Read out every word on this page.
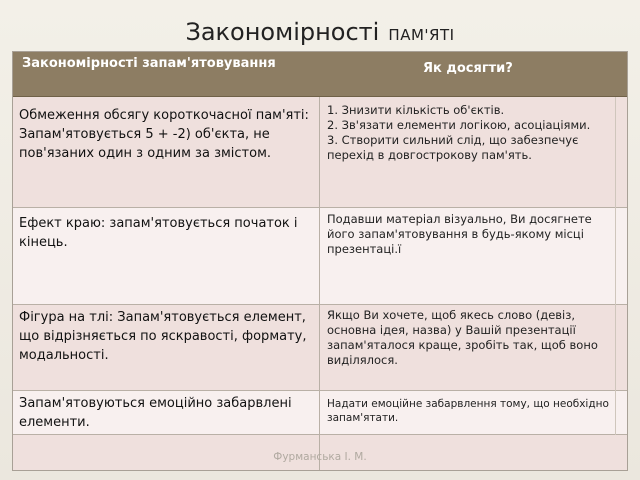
Закономірності ПАМ'ЯТІ
Закономірності запам'ятовування	Як досягти?
Обмеження обсягу короткочасної пам'яті: Запам'ятовується 5 + -2) об'єкта, не пов'язаних один з одним за змістом.
1. Знизити кількість об'єктів.
2. Зв'язати елементи логікою, асоціаціями.
3. Створити сильний слід, що забезпечує перехід в довгострокову пам'ять.
Ефект краю: запам'ятовується початок і кінець.
Подавши матеріал візуально, Ви досягнете його запам'ятовування в будь-якому місці презентаці.ї
Фігура на тлі: Запам'ятовується елемент, що відрізняється по яскравості, формату, модальності.
Якщо Ви хочете, щоб якесь слово (девіз, основна ідея, назва) у Вашій презентації запам'яталося краще, зробіть так, щоб воно виділялося.
Запам'ятовуються емоційно забарвлені елементи.
Надати емоційне забарвлення тому, що необхідно запам'ятати.
Фурманська І. М.
